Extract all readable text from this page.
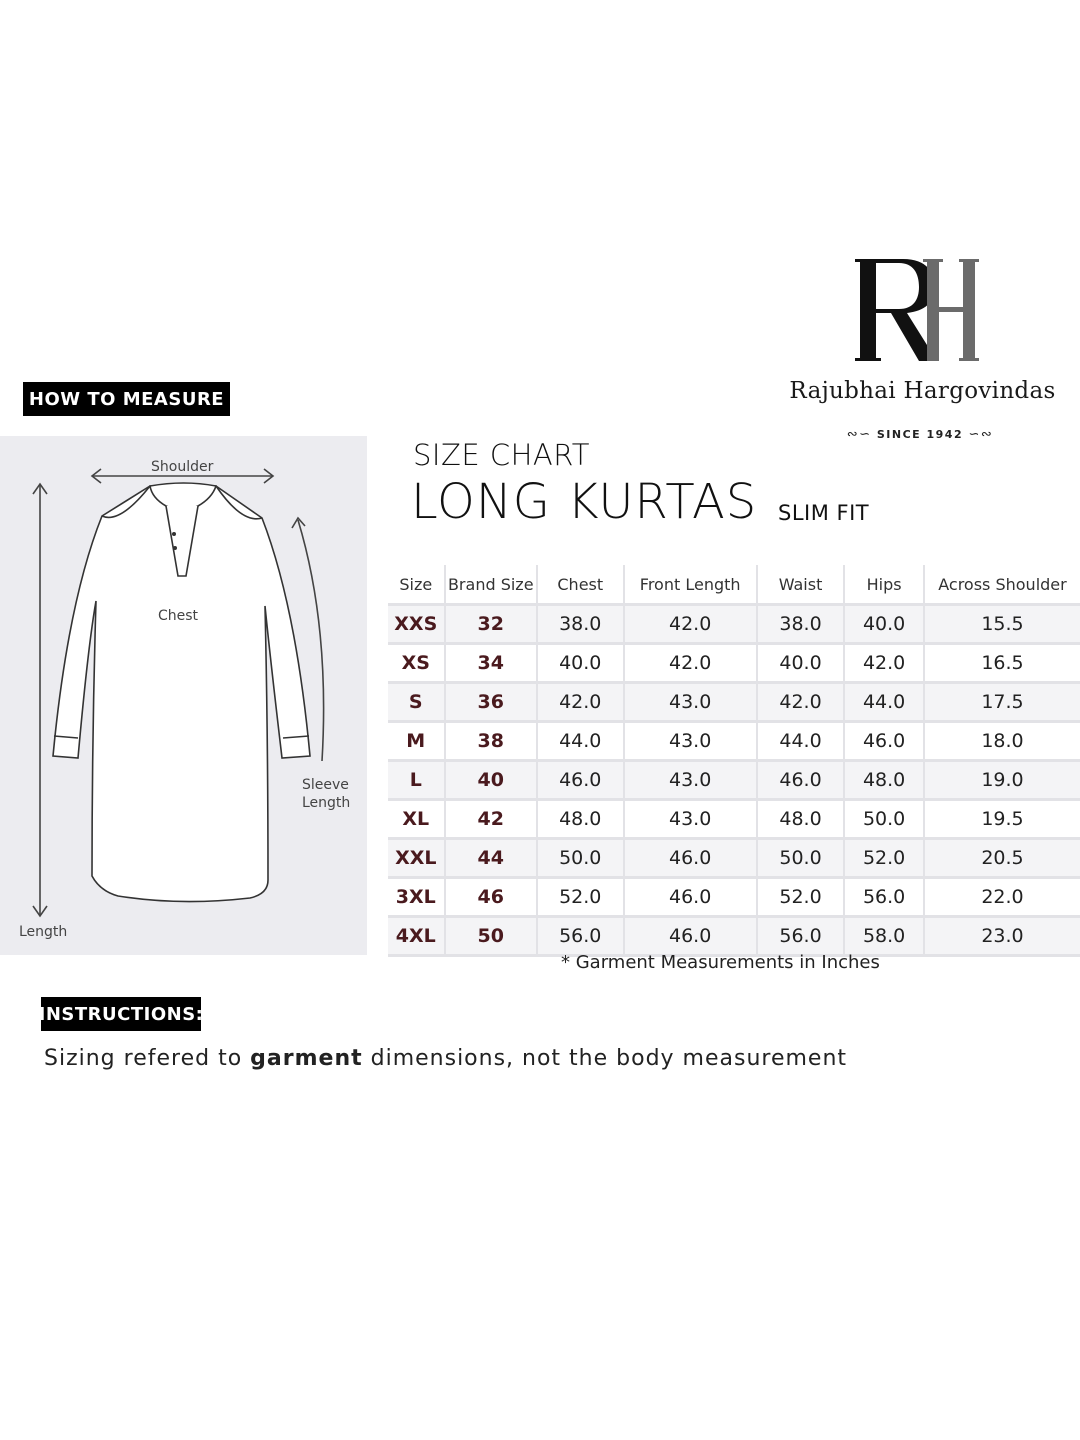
Rajubhai Hargovindas
∾∽ SINCE 1942 ∽∾
HOW TO MEASURE
Shoulder
Chest
Sleeve
Length
Length
SIZE CHART
LONG KURTAS SLIM FIT
Size	Brand Size	Chest	Front Length	Waist	Hips	Across Shoulder
XXS	32	38.0	42.0	38.0	40.0	15.5
XS	34	40.0	42.0	40.0	42.0	16.5
S	36	42.0	43.0	42.0	44.0	17.5
M	38	44.0	43.0	44.0	46.0	18.0
L	40	46.0	43.0	46.0	48.0	19.0
XL	42	48.0	43.0	48.0	50.0	19.5
XXL	44	50.0	46.0	50.0	52.0	20.5
3XL	46	52.0	46.0	52.0	56.0	22.0
4XL	50	56.0	46.0	56.0	58.0	23.0
* Garment Measurements in Inches
INSTRUCTIONS:
Sizing refered to garment dimensions, not the body measurement
